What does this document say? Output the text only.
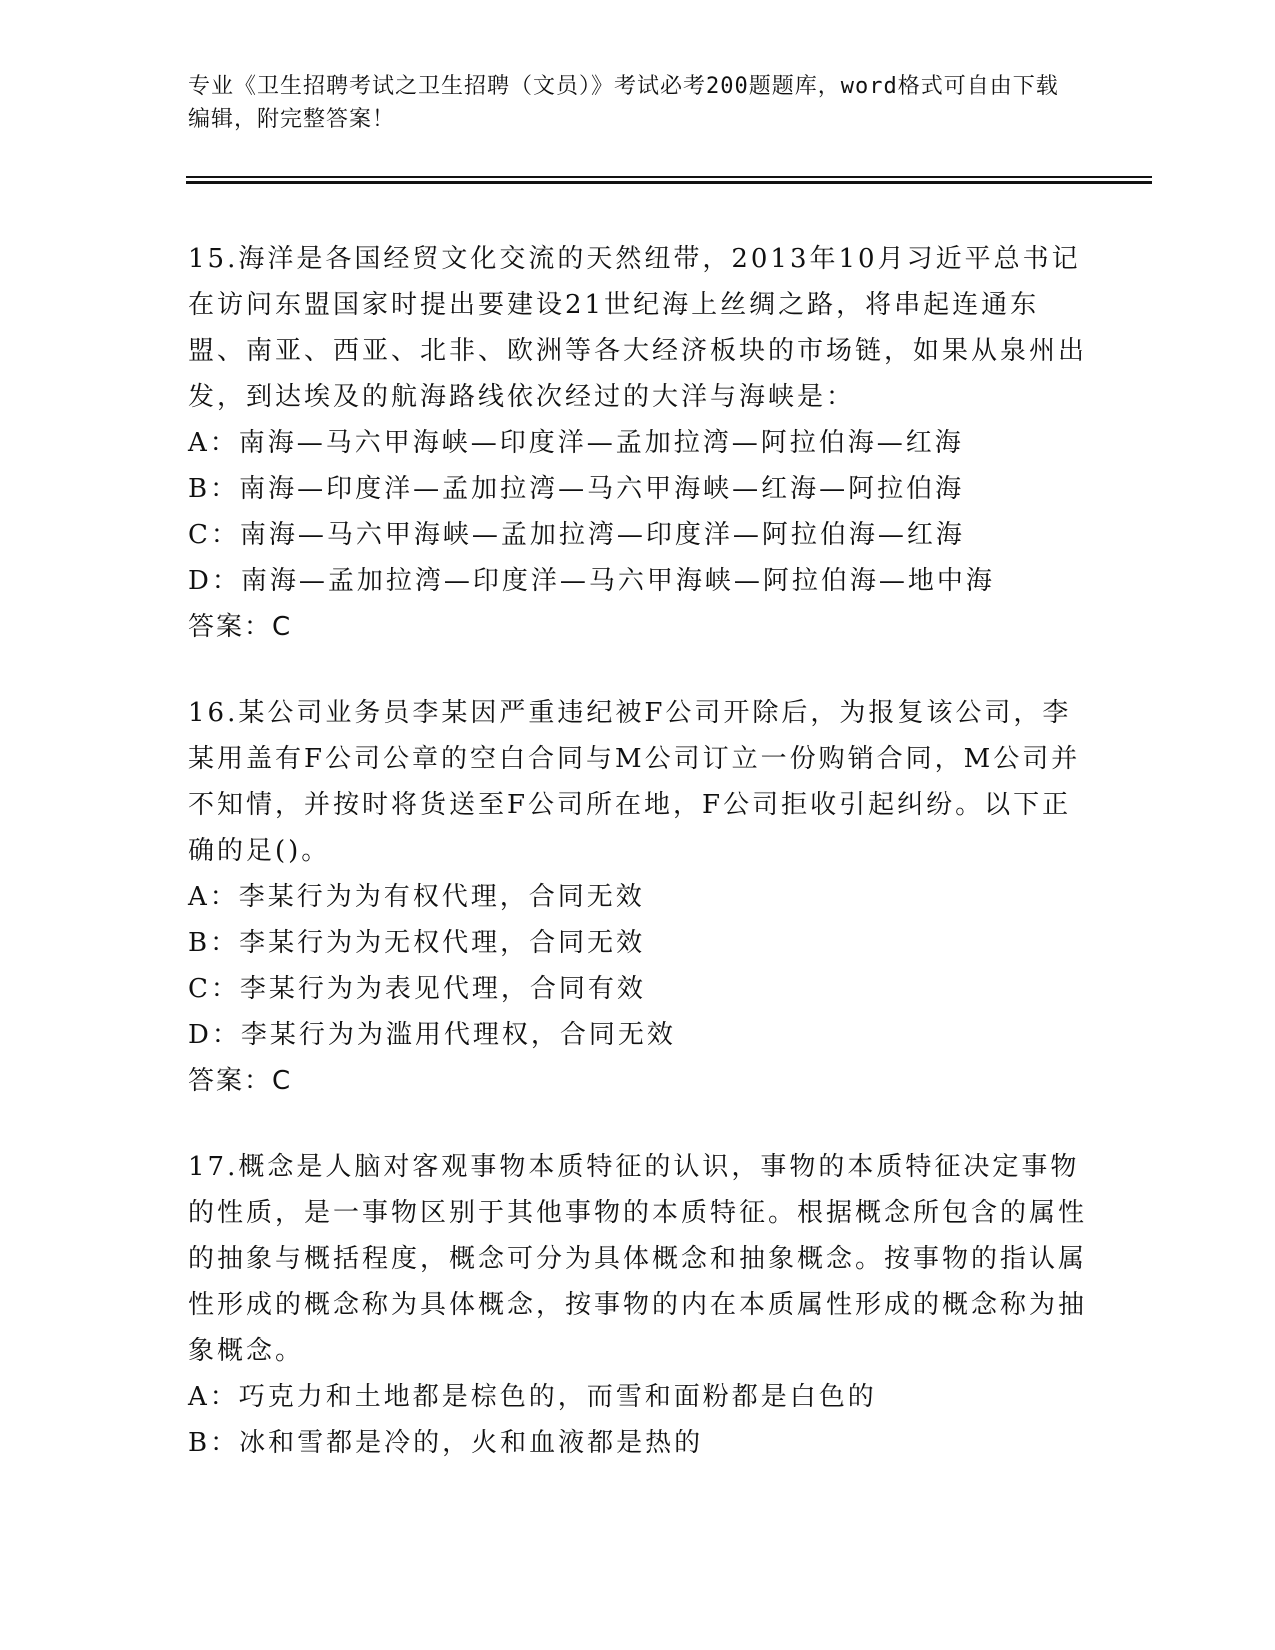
专业《卫生招聘考试之卫生招聘（文员）》考试必考200题题库，word格式可自由下载编辑，附完整答案！
15.海洋是各国经贸文化交流的天然纽带，2013年10月习近平总书记在访问东盟国家时提出要建设21世纪海上丝绸之路，将串起连通东盟、南亚、西亚、北非、欧洲等各大经济板块的市场链，如果从泉州出发，到达埃及的航海路线依次经过的大洋与海峡是：
A：南海—马六甲海峡—印度洋—孟加拉湾—阿拉伯海—红海
B：南海—印度洋—孟加拉湾—马六甲海峡—红海—阿拉伯海
C：南海—马六甲海峡—孟加拉湾—印度洋—阿拉伯海—红海
D：南海—孟加拉湾—印度洋—马六甲海峡—阿拉伯海—地中海
答案：C
16.某公司业务员李某因严重违纪被F公司开除后，为报复该公司，李某用盖有F公司公章的空白合同与M公司订立一份购销合同，M公司并不知情，并按时将货送至F公司所在地，F公司拒收引起纠纷。以下正确的足()。
A：李某行为为有权代理，合同无效
B：李某行为为无权代理，合同无效
C：李某行为为表见代理，合同有效
D：李某行为为滥用代理权，合同无效
答案：C
17.概念是人脑对客观事物本质特征的认识，事物的本质特征决定事物的性质，是一事物区别于其他事物的本质特征。根据概念所包含的属性的抽象与概括程度，概念可分为具体概念和抽象概念。按事物的指认属性形成的概念称为具体概念，按事物的内在本质属性形成的概念称为抽象概念。
A：巧克力和土地都是棕色的，而雪和面粉都是白色的
B：冰和雪都是冷的，火和血液都是热的
